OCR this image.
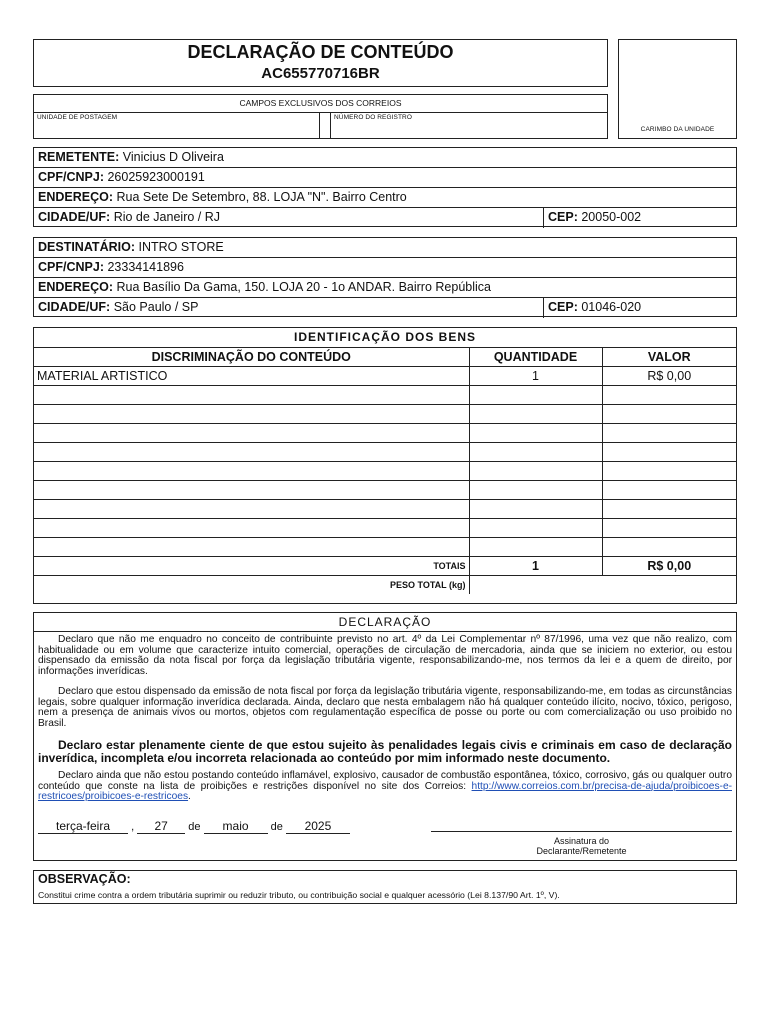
DECLARAÇÃO DE CONTEÚDO
AC655770716BR
CARIMBO DA UNIDADE
CAMPOS EXCLUSIVOS DOS CORREIOS
UNIDADE DE POSTAGEM	NÚMERO DO REGISTRO
REMETENTE: Vinicius D Oliveira
CPF/CNPJ: 26025923000191
ENDEREÇO: Rua Sete De Setembro, 88. LOJA "N". Bairro Centro
CIDADE/UF: Rio de Janeiro / RJ	CEP: 20050-002
DESTINATÁRIO: INTRO STORE
CPF/CNPJ: 23334141896
ENDEREÇO: Rua Basílio Da Gama, 150. LOJA 20 - 1o ANDAR. Bairro República
CIDADE/UF: São Paulo / SP	CEP: 01046-020
IDENTIFICAÇÃO DOS BENS		
DISCRIMINAÇÃO DO CONTEÚDO	QUANTIDADE	VALOR
MATERIAL ARTISTICO	1	R$ 0,00

TOTAIS	1	R$ 0,00
PESO TOTAL (kg)		
DECLARAÇÃO
Declaro que não me enquadro no conceito de contribuinte previsto no art. 4º da Lei Complementar nº 87/1996, uma vez que não realizo, com habitualidade ou em volume que caracterize intuito comercial, operações de circulação de mercadoria, ainda que se iniciem no exterior, ou estou dispensado da emissão da nota fiscal por força da legislação tributária vigente, responsabilizando-me, nos termos da lei e a quem de direito, por informações inverídicas.
Declaro que estou dispensado da emissão de nota fiscal por força da legislação tributária vigente, responsabilizando-me, em todas as circunstâncias legais, sobre qualquer informação inverídica declarada. Ainda, declaro que nesta embalagem não há qualquer conteúdo ilícito, nocivo, tóxico, perigoso, nem a presença de animais vivos ou mortos, objetos com regulamentação específica de posse ou porte ou com comercialização ou uso proibido no Brasil.
Declaro estar plenamente ciente de que estou sujeito às penalidades legais civis e criminais em caso de declaração inverídica, incompleta e/ou incorreta relacionada ao conteúdo por mim informado neste documento.
Declaro ainda que não estou postando conteúdo inflamável, explosivo, causador de combustão espontânea, tóxico, corrosivo, gás ou qualquer outro conteúdo que conste na lista de proibições e restrições disponível no site dos Correios: http://www.correios.com.br/precisa-de-ajuda/proibicoes-e-restricoes/proibicoes-e-restricoes.
terça-feira , 27 de maio de 2025
Assinatura do
Declarante/Remetente
OBSERVAÇÃO:
Constitui crime contra a ordem tributária suprimir ou reduzir tributo, ou contribuição social e qualquer acessório (Lei 8.137/90 Art. 1º, V).
